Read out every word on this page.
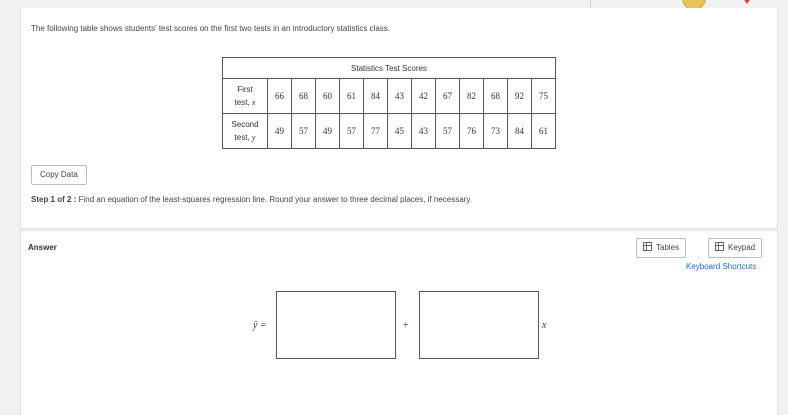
The following table shows students' test scores on the first two tests in an introductory statistics class.
Statistics Test Scores												
First
test, x	66	68	60	61	84	43	42	67	82	68	92	75
Second
test, y	49	57	49	57	77	45	43	57	76	73	84	61
Copy Data
Step 1 of 2 : Find an equation of the least-squares regression line. Round your answer to three decimal places, if necessary.
Answer	Tables	Keypad
Keyboard Shortcuts
ŷ =	+	x
